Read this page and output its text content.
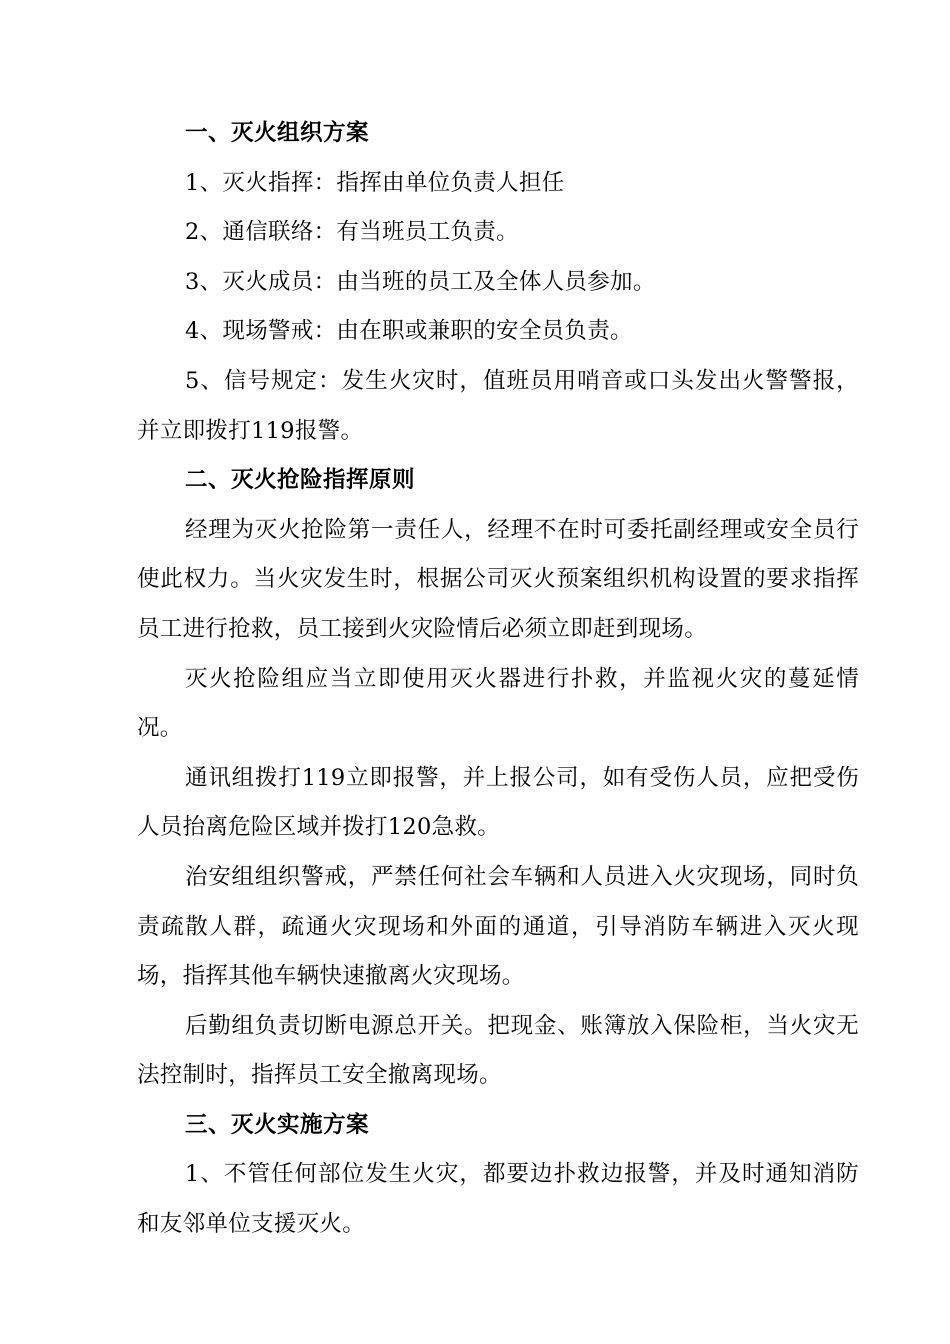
一、灭火组织方案

1、灭火指挥：指挥由单位负责人担任

2、通信联络：有当班员工负责。

3、灭火成员：由当班的员工及全体人员参加。

4、现场警戒：由在职或兼职的安全员负责。

5、信号规定：发生火灾时，值班员用哨音或口头发出火警警报，并立即拨打119报警。

二、灭火抢险指挥原则

经理为灭火抢险第一责任人，经理不在时可委托副经理或安全员行使此权力。当火灾发生时，根据公司灭火预案组织机构设置的要求指挥员工进行抢救，员工接到火灾险情后必须立即赶到现场。

灭火抢险组应当立即使用灭火器进行扑救，并监视火灾的蔓延情况。

通讯组拨打119立即报警，并上报公司，如有受伤人员，应把受伤人员抬离危险区域并拨打120急救。

治安组组织警戒，严禁任何社会车辆和人员进入火灾现场，同时负责疏散人群，疏通火灾现场和外面的通道，引导消防车辆进入灭火现场，指挥其他车辆快速撤离火灾现场。

后勤组负责切断电源总开关。把现金、账簿放入保险柜，当火灾无法控制时，指挥员工安全撤离现场。

三、灭火实施方案

1、不管任何部位发生火灾，都要边扑救边报警，并及时通知消防和友邻单位支援灭火。
